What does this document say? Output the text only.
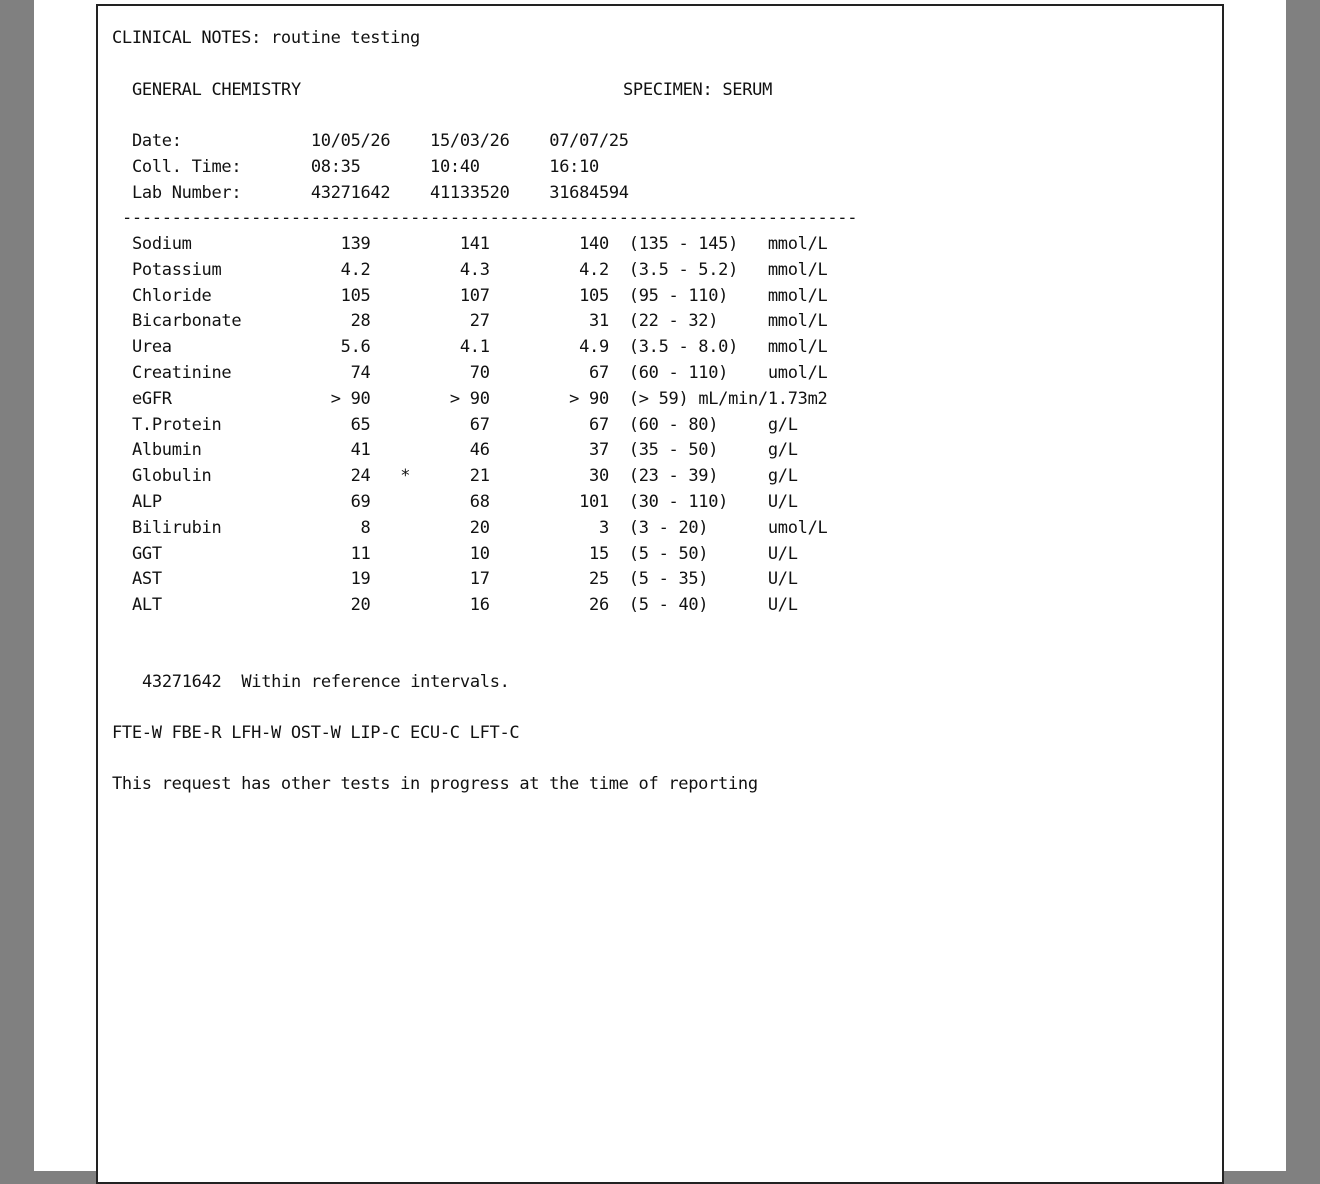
CLINICAL NOTES: routine testing
GENERAL CHEMISTRY	SPECIMEN: SERUM
Date:             10/05/26    15/03/26    07/07/25
Coll. Time:       08:35       10:40       16:10
Lab Number:       43271642    41133520    31684594
--------------------------------------------------------------------------
Sodium               139         141         140 (135 - 145)   mmol/L
Potassium            4.2         4.3         4.2 (3.5 - 5.2)   mmol/L
Chloride             105         107         105 (95 - 110)    mmol/L
Bicarbonate           28          27          31 (22 - 32)     mmol/L
Urea                 5.6         4.1         4.9 (3.5 - 8.0)   mmol/L
Creatinine            74          70          67 (60 - 110)    umol/L
eGFR                > 90        > 90        > 90 (> 59) mL/min/1.73m2
T.Protein             65          67          67 (60 - 80)     g/L
Albumin               41          46          37 (35 - 50)     g/L
Globulin              24   *      21          30 (23 - 39)     g/L
ALP                   69          68         101 (30 - 110)    U/L
Bilirubin              8          20           3 (3 - 20)      umol/L
GGT                   11          10          15 (5 - 50)      U/L
AST                   19          17          25 (5 - 35)      U/L
ALT                   20          16          26 (5 - 40)      U/L
43271642 Within reference intervals.
FTE-W FBE-R LFH-W OST-W LIP-C ECU-C LFT-C
This request has other tests in progress at the time of reporting
